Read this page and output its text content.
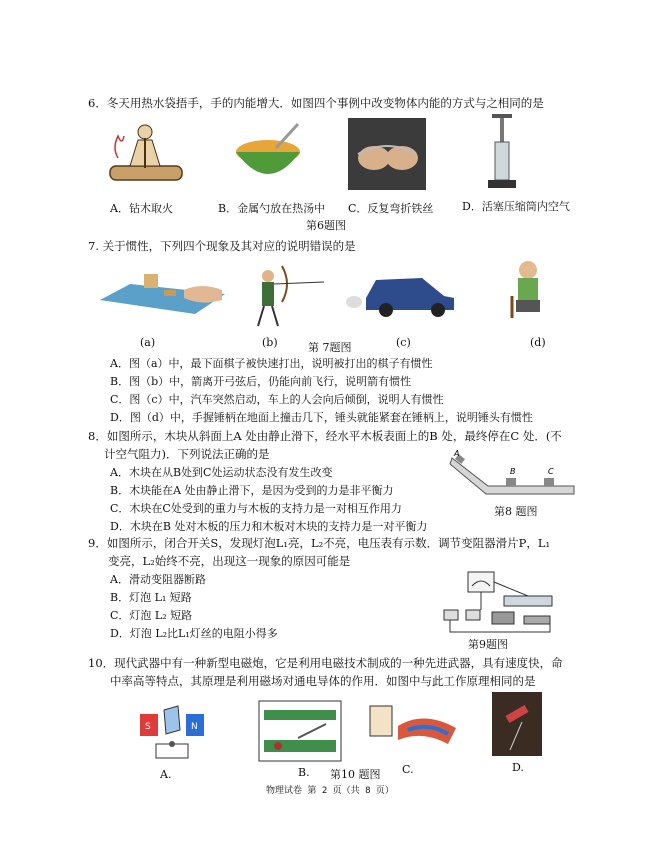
6．冬天用热水袋捂手，手的内能增大．如图四个事例中改变物体内能的方式与之相同的是
A．钻木取火	B．金属勺放在热汤中 C．反复弯折铁丝	D．活塞压缩筒内空气
第6题图
7. 关于惯性，下列四个现象及其对应的说明错误的是
(a)	(b)	第 7题图	(c)	(d)
A．图（a）中，最下面棋子被快速打出，说明被打出的棋子有惯性
B．图（b）中，箭离开弓弦后，仍能向前飞行，说明箭有惯性
C．图（c）中，汽车突然启动，车上的人会向后倾倒，说明人有惯性
D．图（d）中，手握锤柄在地面上撞击几下，锤头就能紧套在锤柄上，说明锤头有惯性
8．如图所示，木块从斜面上A 处由静止滑下，经水平木板表面上的B 处，最终停在C 处．(不
计空气阻力)．下列说法正确的是
A．木块在从B处到C处运动状态没有发生改变
B．木块能在A 处由静止滑下，是因为受到的力是非平衡力
C．木块在C处受到的重力与木板的支持力是一对相互作用力
D．木块在B 处对木板的压力和木板对木块的支持力是一对平衡力
A
B	C
第8 题图
9．如图所示，闭合开关S，发现灯泡L₁亮，L₂不亮，电压表有示数．调节变阻器滑片P，L₁
变亮，L₂始终不亮，出现这一现象的原因可能是
A．滑动变阻器断路
B．灯泡 L₁ 短路
C．灯泡 L₂ 短路
D．灯泡 L₂比L₁灯丝的电阻小得多
第9题图
10．现代武器中有一种新型电磁炮，它是利用电磁技术制成的一种先进武器，具有速度快，命
中率高等特点，其原理是利用磁场对通电导体的作用．如图中与此工作原理相同的是
S	N
A.	B. 第10 题图 C.	D.
物理试卷 第 2 页（共 8 页）
